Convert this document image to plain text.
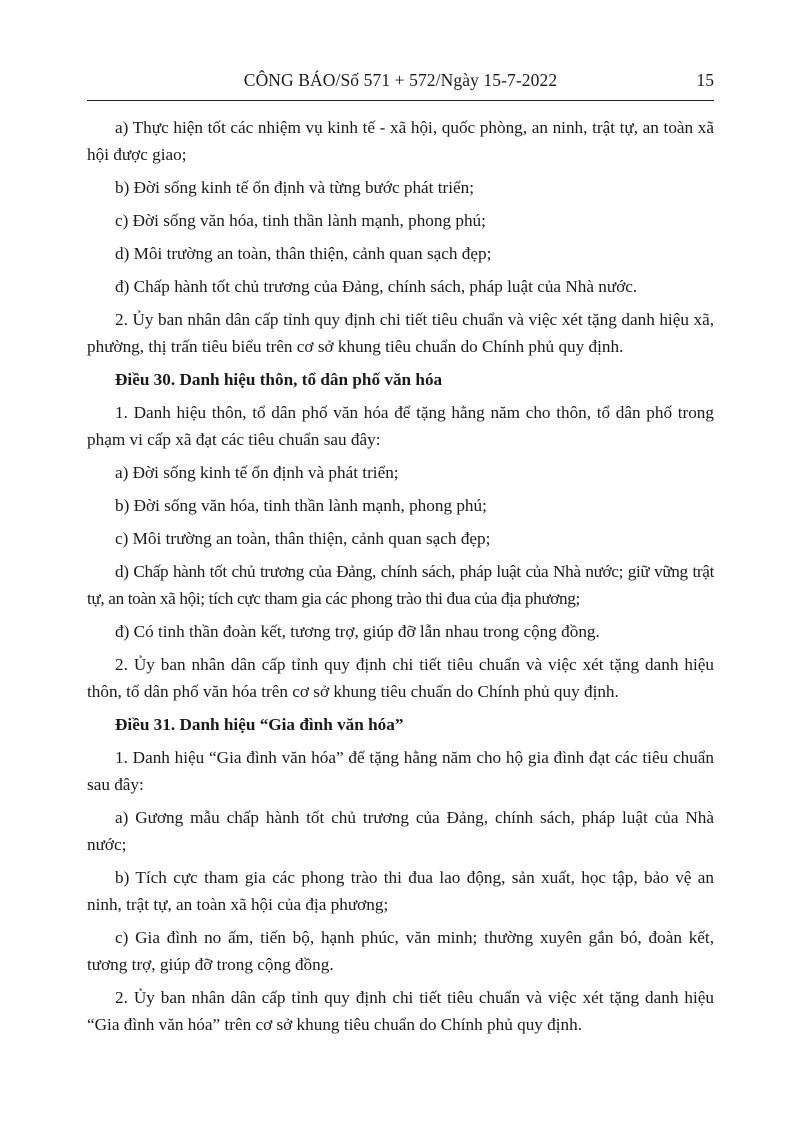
CÔNG BÁO/Số 571 + 572/Ngày 15-7-2022	15

a) Thực hiện tốt các nhiệm vụ kinh tế - xã hội, quốc phòng, an ninh, trật tự, an toàn xã hội được giao;

b) Đời sống kinh tế ổn định và từng bước phát triển;

c) Đời sống văn hóa, tinh thần lành mạnh, phong phú;

d) Môi trường an toàn, thân thiện, cảnh quan sạch đẹp;

đ) Chấp hành tốt chủ trương của Đảng, chính sách, pháp luật của Nhà nước.

2. Ủy ban nhân dân cấp tỉnh quy định chi tiết tiêu chuẩn và việc xét tặng danh hiệu xã, phường, thị trấn tiêu biểu trên cơ sở khung tiêu chuẩn do Chính phủ quy định.

Điều 30. Danh hiệu thôn, tổ dân phố văn hóa

1. Danh hiệu thôn, tổ dân phố văn hóa để tặng hằng năm cho thôn, tổ dân phố trong phạm vi cấp xã đạt các tiêu chuẩn sau đây:

a) Đời sống kinh tế ổn định và phát triển;

b) Đời sống văn hóa, tinh thần lành mạnh, phong phú;

c) Môi trường an toàn, thân thiện, cảnh quan sạch đẹp;

d) Chấp hành tốt chủ trương của Đảng, chính sách, pháp luật của Nhà nước; giữ vững trật tự, an toàn xã hội; tích cực tham gia các phong trào thi đua của địa phương;

đ) Có tinh thần đoàn kết, tương trợ, giúp đỡ lẫn nhau trong cộng đồng.

2. Ủy ban nhân dân cấp tỉnh quy định chi tiết tiêu chuẩn và việc xét tặng danh hiệu thôn, tổ dân phố văn hóa trên cơ sở khung tiêu chuẩn do Chính phủ quy định.

Điều 31. Danh hiệu “Gia đình văn hóa”

1. Danh hiệu “Gia đình văn hóa” để tặng hằng năm cho hộ gia đình đạt các tiêu chuẩn sau đây:

a) Gương mẫu chấp hành tốt chủ trương của Đảng, chính sách, pháp luật của Nhà nước;

b) Tích cực tham gia các phong trào thi đua lao động, sản xuất, học tập, bảo vệ an ninh, trật tự, an toàn xã hội của địa phương;

c) Gia đình no ấm, tiến bộ, hạnh phúc, văn minh; thường xuyên gắn bó, đoàn kết, tương trợ, giúp đỡ trong cộng đồng.

2. Ủy ban nhân dân cấp tỉnh quy định chi tiết tiêu chuẩn và việc xét tặng danh hiệu “Gia đình văn hóa” trên cơ sở khung tiêu chuẩn do Chính phủ quy định.
